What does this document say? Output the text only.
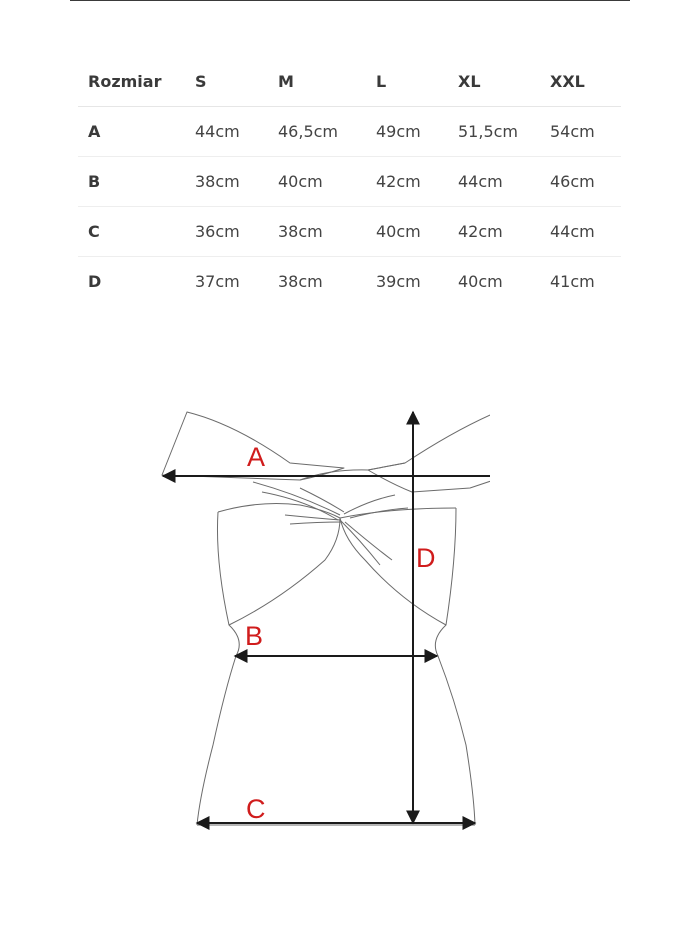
Rozmiar	S	M	L	XL	XXL
A	44cm	46,5cm	49cm	51,5cm	54cm
B	38cm	40cm	42cm	44cm	46cm
C	36cm	38cm	40cm	42cm	44cm
D	37cm	38cm	39cm	40cm	41cm
A
B
C
D
